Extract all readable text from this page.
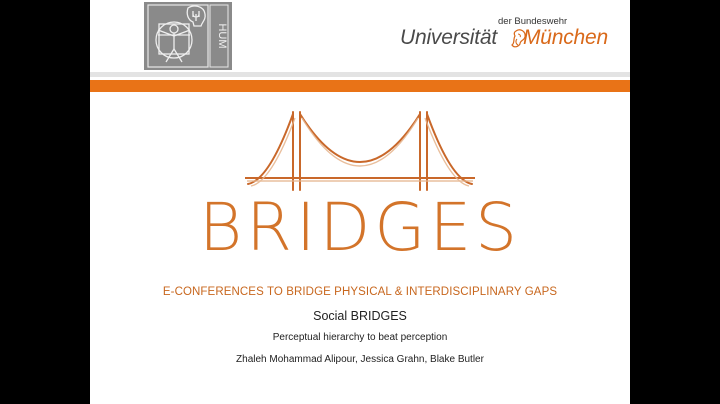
HUM
der Bundeswehr
Universität München
BRIDGES
E-CONFERENCES TO BRIDGE PHYSICAL & INTERDISCIPLINARY GAPS
Social BRIDGES
Perceptual hierarchy to beat perception
Zhaleh Mohammad Alipour, Jessica Grahn, Blake Butler
